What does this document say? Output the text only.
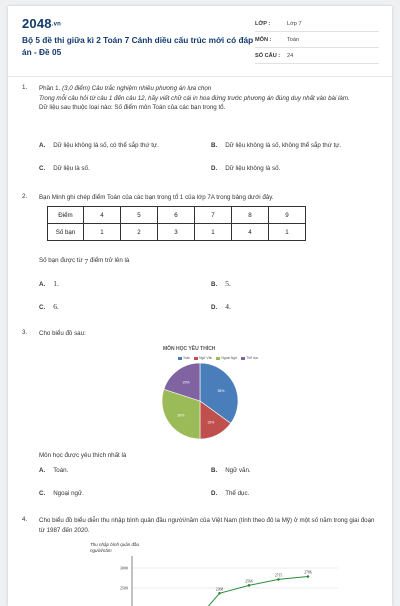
2048.vn
Bộ 5 đề thi giữa kì 2 Toán 7 Cánh diều cấu trúc mới có đáp án - Đề 05
LỚP :	Lớp 7
MÔN :	Toán
SỐ CÂU :	24
1. Phần 1. (3,0 điểm) Câu trắc nghiệm nhiều phương án lựa chọn
Trong mỗi câu hỏi từ câu 1 đến câu 12, hãy viết chữ cái in hoa đứng trước phương án đúng duy nhất vào bài làm.
Dữ liệu sau thuộc loại nào: Số điểm môn Toán của các bạn trong tổ.
A. Dữ liệu không là số, có thể sắp thứ tự.	B. Dữ liệu không là số, không thể sắp thứ tự.
C. Dữ liệu là số.	D. Dữ liệu không là số.
2. Bạn Minh ghi chép điểm Toán của các bạn trong tổ 1 của lớp 7A trong bảng dưới đây.
Điểm	4	5	6	7	8	9
Số bạn	1	2	3	1	4	1
Số bạn được từ 7 điểm trở lên là
A. 1.	B. 5.
C. 6.	D. 4.
3. Cho biểu đồ sau:
MÔN HỌC YÊU THÍCH
Toán	Ngữ Văn	Ngoại Ngữ	Thể dục
35%
15%
30%
20%
Môn học được yêu thích nhất là
A. Toán.	B. Ngữ văn.
C. Ngoại ngữ.	D. Thể dục.
4. Cho biểu đồ biểu diễn thu nhập bình quân đầu người/năm của Việt Nam (tính theo đô la Mỹ) ở một số năm trong giai đoạn từ 1987 đến 2020.
Thu nhập bình quân đầu người/năm
3000
2500	2368
2566
2715
2786
